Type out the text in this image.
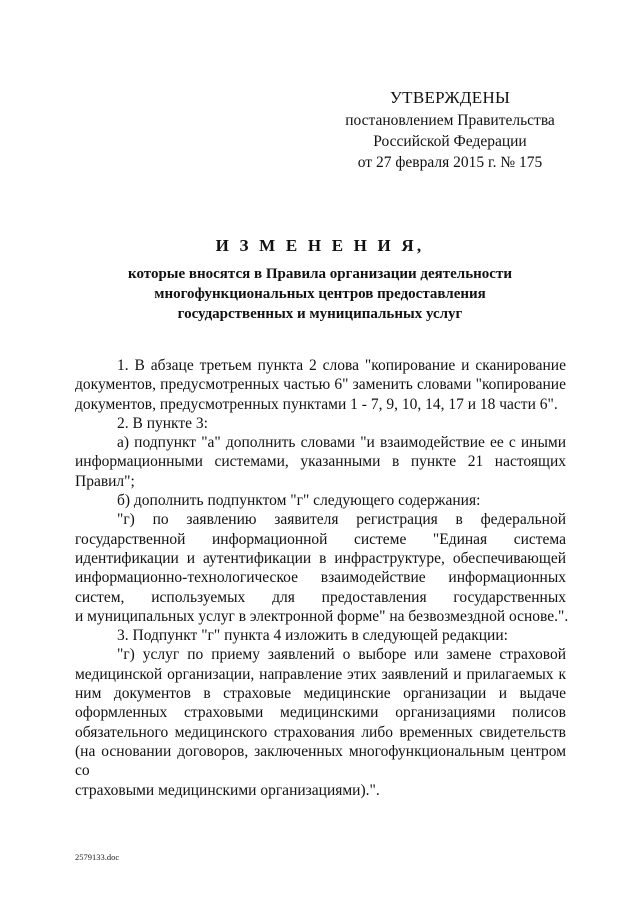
УТВЕРЖДЕНЫ
постановлением Правительства
Российской Федерации
от 27 февраля 2015 г. № 175
И З М Е Н Е Н И Я,
которые вносятся в Правила организации деятельности
многофункциональных центров предоставления
государственных и муниципальных услуг
1. В абзаце третьем пункта 2 слова "копирование и сканирование
документов, предусмотренных частью 6" заменить словами "копирование
документов, предусмотренных пунктами 1 - 7, 9, 10, 14, 17 и 18 части 6".
2. В пункте 3:
а) подпункт "а" дополнить словами "и взаимодействие ее с иными
информационными системами, указанными в пункте 21 настоящих
Правил";
б) дополнить подпунктом "г" следующего содержания:
"г) по заявлению заявителя регистрация в федеральной
государственной информационной системе "Единая система
идентификации и аутентификации в инфраструктуре, обеспечивающей
информационно-технологическое взаимодействие информационных
систем, используемых для предоставления государственных
и муниципальных услуг в электронной форме" на безвозмездной основе.".
3. Подпункт "г" пункта 4 изложить в следующей редакции:
"г) услуг по приему заявлений о выборе или замене страховой
медицинской организации, направление этих заявлений и прилагаемых к
ним документов в страховые медицинские организации и выдаче
оформленных страховыми медицинскими организациями полисов
обязательного медицинского страхования либо временных свидетельств
(на основании договоров, заключенных многофункциональным центром со
страховыми медицинскими организациями).".
2579133.doc
